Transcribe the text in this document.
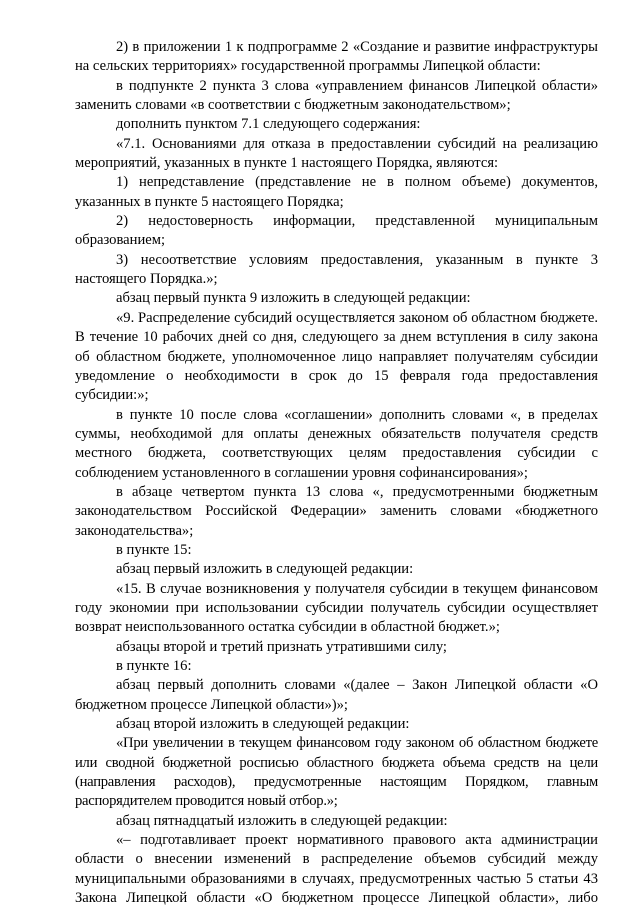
2) в приложении 1 к подпрограмме 2 «Создание и развитие инфраструктуры на сельских территориях» государственной программы Липецкой области:

в подпункте 2 пункта 3 слова «управлением финансов Липецкой области» заменить словами «в соответствии с бюджетным законодательством»;

дополнить пунктом 7.1 следующего содержания:

«7.1. Основаниями для отказа в предоставлении субсидий на реализацию мероприятий, указанных в пункте 1 настоящего Порядка, являются:

1) непредставление (представление не в полном объеме) документов, указанных в пункте 5 настоящего Порядка;

2) недостоверность информации, представленной муниципальным образованием;

3) несоответствие условиям предоставления, указанным в пункте 3 настоящего Порядка.»;

абзац первый пункта 9 изложить в следующей редакции:

«9. Распределение субсидий осуществляется законом об областном бюджете. В течение 10 рабочих дней со дня, следующего за днем вступления в силу закона об областном бюджете, уполномоченное лицо направляет получателям субсидии уведомление о необходимости в срок до 15 февраля года предоставления субсидии:»;

в пункте 10 после слова «соглашении» дополнить словами «, в пределах суммы, необходимой для оплаты денежных обязательств получателя средств местного бюджета, соответствующих целям предоставления субсидии с соблюдением установленного в соглашении уровня софинансирования»;

в абзаце четвертом пункта 13 слова «, предусмотренными бюджетным законодательством Российской Федерации» заменить словами «бюджетного законодательства»;

в пункте 15:

абзац первый изложить в следующей редакции:

«15. В случае возникновения у получателя субсидии в текущем финансовом году экономии при использовании субсидии получатель субсидии осуществляет возврат неиспользованного остатка субсидии в областной бюджет.»;

абзацы второй и третий признать утратившими силу;

в пункте 16:

абзац первый дополнить словами «(далее – Закон Липецкой области «О бюджетном процессе Липецкой области»)»;

абзац второй изложить в следующей редакции:

«При увеличении в текущем финансовом году законом об областном бюджете или сводной бюджетной росписью областного бюджета объема средств на цели (направления расходов), предусмотренные настоящим Порядком, главным распорядителем проводится новый отбор.»;

абзац пятнадцатый изложить в следующей редакции:

«– подготавливает проект нормативного правового акта администрации области о внесении изменений в распределение объемов субсидий между муниципальными образованиями в случаях, предусмотренных частью 5 статьи 43 Закона Липецкой области «О бюджетном процессе Липецкой области», либо
